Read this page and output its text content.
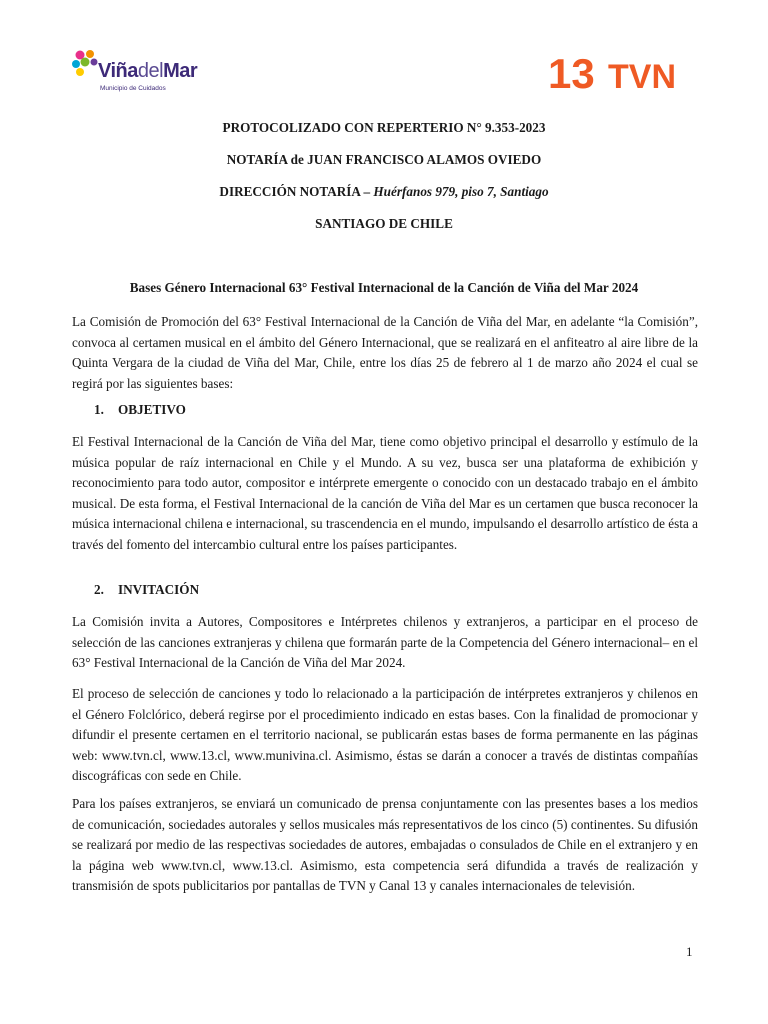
ViñadelMar
Municipio de Cuidados	13 TVN
PROTOCOLIZADO CON REPERTERIO N° 9.353-2023
NOTARÍA de JUAN FRANCISCO ALAMOS OVIEDO
DIRECCIÓN NOTARÍA – Huérfanos 979, piso 7, Santiago
SANTIAGO DE CHILE
Bases Género Internacional 63° Festival Internacional de la Canción de Viña del Mar 2024

La Comisión de Promoción del 63° Festival Internacional de la Canción de Viña del Mar, en adelante “la Comisión”, convoca al certamen musical en el ámbito del Género Internacional, que se realizará en el anfiteatro al aire libre de la Quinta Vergara de la ciudad de Viña del Mar, Chile, entre los días 25 de febrero al 1 de marzo año 2024 el cual se regirá por las siguientes bases:

1. OBJETIVO

El Festival Internacional de la Canción de Viña del Mar, tiene como objetivo principal el desarrollo y estímulo de la música popular de raíz internacional en Chile y el Mundo. A su vez, busca ser una plataforma de exhibición y reconocimiento para todo autor, compositor e intérprete emergente o conocido con un destacado trabajo en el ámbito musical. De esta forma, el Festival Internacional de la canción de Viña del Mar es un certamen que busca reconocer la música internacional chilena e internacional, su trascendencia en el mundo, impulsando el desarrollo artístico de ésta a través del fomento del intercambio cultural entre los países participantes.

2. INVITACIÓN

La Comisión invita a Autores, Compositores e Intérpretes chilenos y extranjeros, a participar en el proceso de selección de las canciones extranjeras y chilena que formarán parte de la Competencia del Género internacional– en el 63° Festival Internacional de la Canción de Viña del Mar 2024.

El proceso de selección de canciones y todo lo relacionado a la participación de intérpretes extranjeros y chilenos en el Género Folclórico, deberá regirse por el procedimiento indicado en estas bases. Con la finalidad de promocionar y difundir el presente certamen en el territorio nacional, se publicarán estas bases de forma permanente en las páginas web: www.tvn.cl, www.13.cl, www.munivina.cl. Asimismo, éstas se darán a conocer a través de distintas compañías discográficas con sede en Chile.

Para los países extranjeros, se enviará un comunicado de prensa conjuntamente con las presentes bases a los medios de comunicación, sociedades autorales y sellos musicales más representativos de los cinco (5) continentes. Su difusión se realizará por medio de las respectivas sociedades de autores, embajadas o consulados de Chile en el extranjero y en la página web www.tvn.cl, www.13.cl. Asimismo, esta competencia será difundida a través de realización y transmisión de spots publicitarios por pantallas de TVN y Canal 13 y canales internacionales de televisión.

1
